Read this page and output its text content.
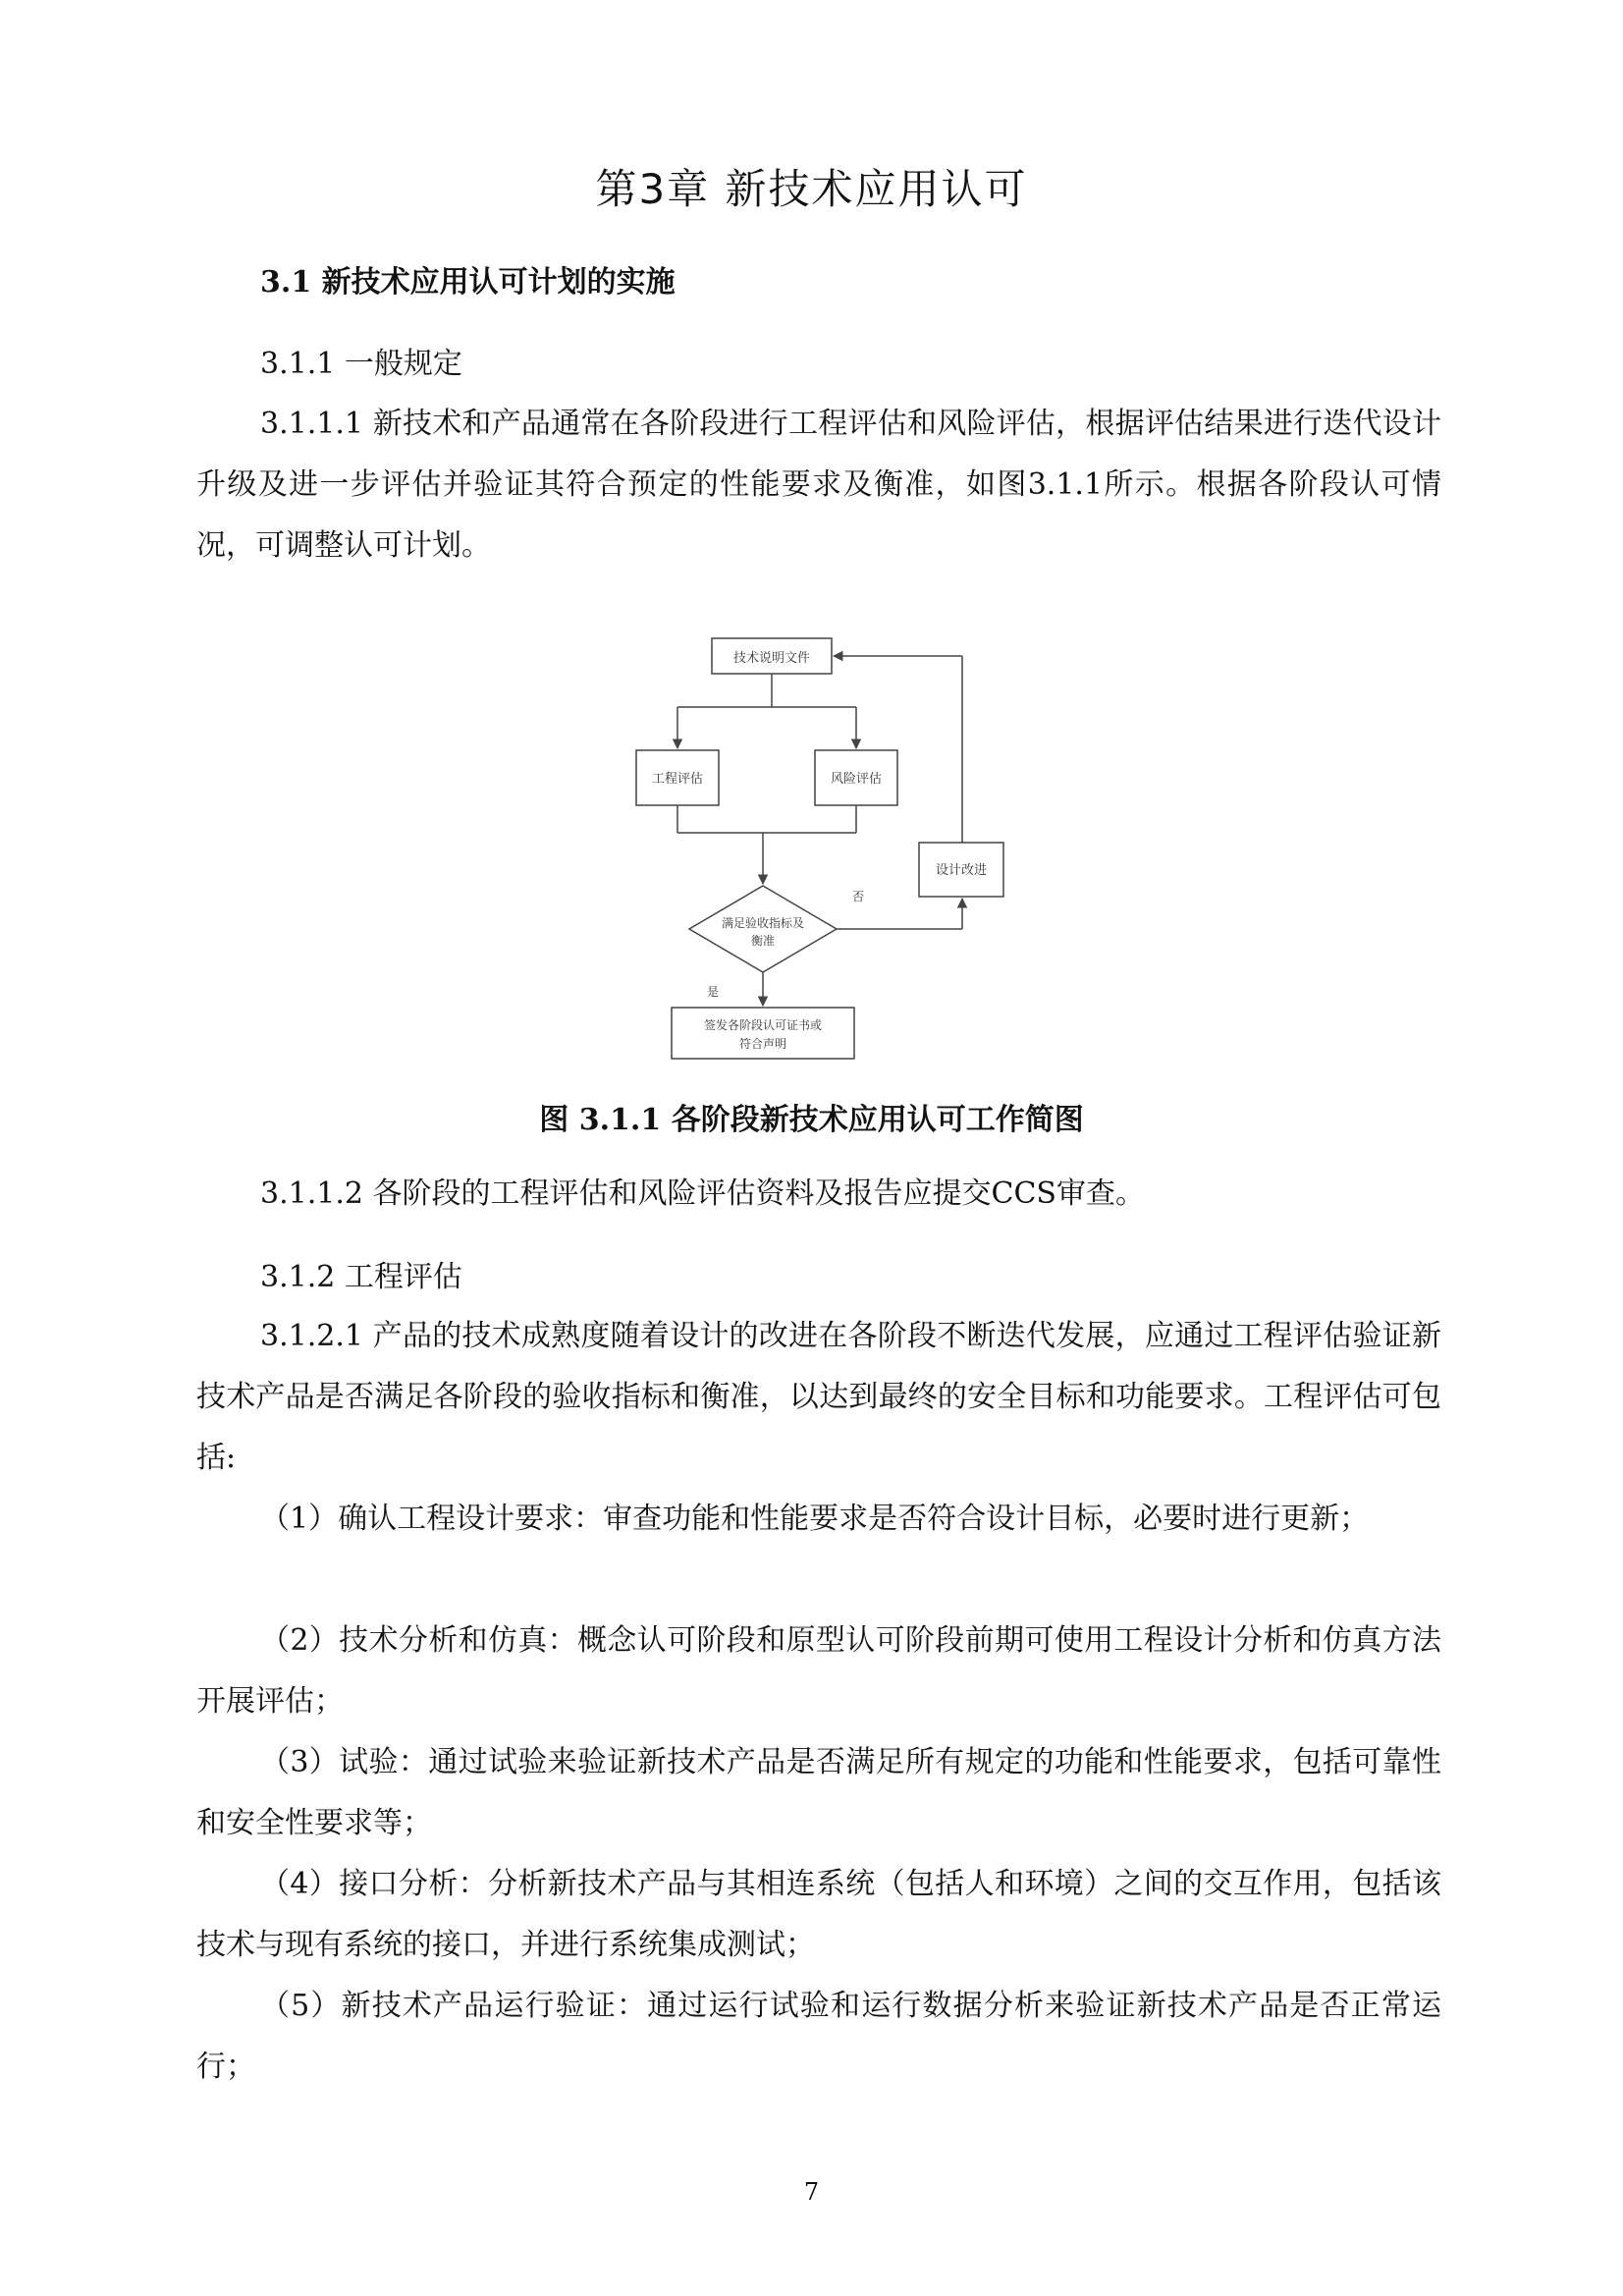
第3章 新技术应用认可
3.1 新技术应用认可计划的实施
3.1.1 一般规定
3.1.1.1 新技术和产品通常在各阶段进行工程评估和风险评估，根据评估结果进行迭代设计升级及进一步评估并验证其符合预定的性能要求及衡准，如图3.1.1所示。根据各阶段认可情况，可调整认可计划。
技术说明文件
工程评估	风险评估
满足验收指标及
衡准
否
设计改进
是
签发各阶段认可证书或
符合声明
图 3.1.1 各阶段新技术应用认可工作简图
3.1.1.2 各阶段的工程评估和风险评估资料及报告应提交CCS审查。
3.1.2 工程评估
3.1.2.1 产品的技术成熟度随着设计的改进在各阶段不断迭代发展，应通过工程评估验证新技术产品是否满足各阶段的验收指标和衡准，以达到最终的安全目标和功能要求。工程评估可包括:
（1）确认工程设计要求：审查功能和性能要求是否符合设计目标，必要时进行更新；
（2）技术分析和仿真：概念认可阶段和原型认可阶段前期可使用工程设计分析和仿真方法开展评估；
（3）试验：通过试验来验证新技术产品是否满足所有规定的功能和性能要求，包括可靠性和安全性要求等；
（4）接口分析：分析新技术产品与其相连系统（包括人和环境）之间的交互作用，包括该技术与现有系统的接口，并进行系统集成测试；
（5）新技术产品运行验证：通过运行试验和运行数据分析来验证新技术产品是否正常运行；
7
